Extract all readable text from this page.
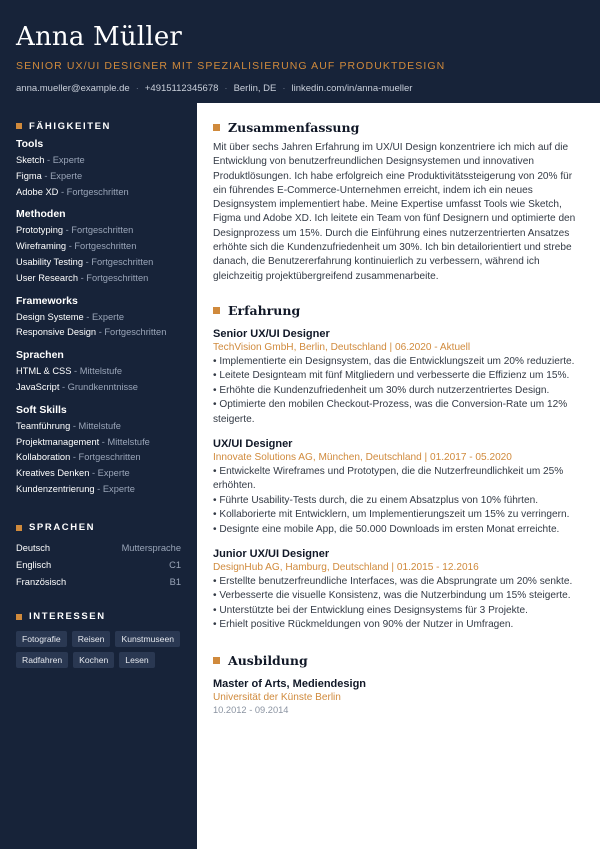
Anna Müller
SENIOR UX/UI DESIGNER MIT SPEZIALISIERUNG AUF PRODUKTDESIGN
anna.mueller@example.de · +4915112345678 · Berlin, DE · linkedin.com/in/anna-mueller
FÄHIGKEITEN
Tools
Sketch - Experte
Figma - Experte
Adobe XD - Fortgeschritten
Methoden
Prototyping - Fortgeschritten
Wireframing - Fortgeschritten
Usability Testing - Fortgeschritten
User Research - Fortgeschritten
Frameworks
Design Systeme - Experte
Responsive Design - Fortgeschritten
Sprachen
HTML & CSS - Mittelstufe
JavaScript - Grundkenntnisse
Soft Skills
Teamführung - Mittelstufe
Projektmanagement - Mittelstufe
Kollaboration - Fortgeschritten
Kreatives Denken - Experte
Kundenzentrierung - Experte
SPRACHEN
Deutsch	Muttersprache
Englisch	C1
Französisch	B1
INTERESSEN
Fotografie	Reisen	Kunstmuseen
Radfahren	Kochen	Lesen
Zusammenfassung
Mit über sechs Jahren Erfahrung im UX/UI Design konzentriere ich mich auf die Entwicklung von benutzerfreundlichen Designsystemen und innovativen Produktlösungen. Ich habe erfolgreich eine Produktivitätssteigerung von 20% für ein führendes E-Commerce-Unternehmen erreicht, indem ich ein neues Designsystem implementiert habe. Meine Expertise umfasst Tools wie Sketch, Figma und Adobe XD. Ich leitete ein Team von fünf Designern und optimierte den Designprozess um 15%. Durch die Einführung eines nutzerzentrierten Ansatzes erhöhte sich die Kundenzufriedenheit um 30%. Ich bin detailorientiert und strebe danach, die Benutzererfahrung kontinuierlich zu verbessern, während ich gleichzeitig projektübergreifend zusammenarbeite.
Erfahrung
Senior UX/UI Designer
TechVision GmbH, Berlin, Deutschland | 06.2020 - Aktuell
• Implementierte ein Designsystem, das die Entwicklungszeit um 20% reduzierte.
• Leitete Designteam mit fünf Mitgliedern und verbesserte die Effizienz um 15%.
• Erhöhte die Kundenzufriedenheit um 30% durch nutzerzentriertes Design.
• Optimierte den mobilen Checkout-Prozess, was die Conversion-Rate um 12% steigerte.
UX/UI Designer
Innovate Solutions AG, München, Deutschland | 01.2017 - 05.2020
• Entwickelte Wireframes und Prototypen, die die Nutzerfreundlichkeit um 25% erhöhten.
• Führte Usability-Tests durch, die zu einem Absatzplus von 10% führten.
• Kollaborierte mit Entwicklern, um Implementierungszeit um 15% zu verringern.
• Designte eine mobile App, die 50.000 Downloads im ersten Monat erreichte.
Junior UX/UI Designer
DesignHub AG, Hamburg, Deutschland | 01.2015 - 12.2016
• Erstellte benutzerfreundliche Interfaces, was die Absprungrate um 20% senkte.
• Verbesserte die visuelle Konsistenz, was die Nutzerbindung um 15% steigerte.
• Unterstützte bei der Entwicklung eines Designsystems für 3 Projekte.
• Erhielt positive Rückmeldungen von 90% der Nutzer in Umfragen.
Ausbildung
Master of Arts, Mediendesign
Universität der Künste Berlin
10.2012 - 09.2014
